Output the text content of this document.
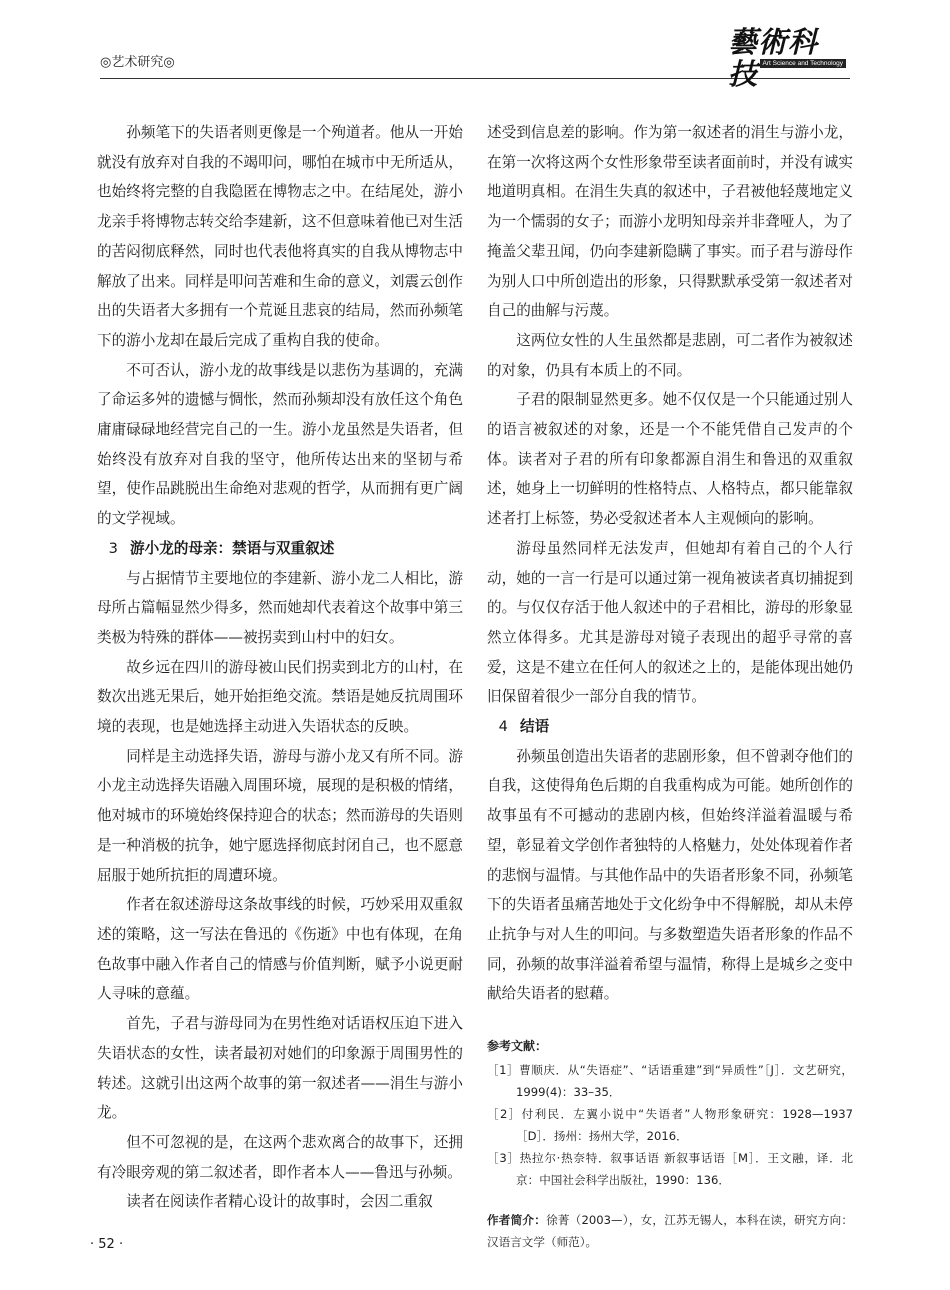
◎艺术研究◎
藝術科技 Art Science and Technology

孙频笔下的失语者则更像是一个殉道者。他从一开始就没有放弃对自我的不竭叩问，哪怕在城市中无所适从，也始终将完整的自我隐匿在博物志之中。在结尾处，游小龙亲手将博物志转交给李建新，这不但意味着他已对生活的苦闷彻底释然，同时也代表他将真实的自我从博物志中解放了出来。同样是叩问苦难和生命的意义，刘震云创作出的失语者大多拥有一个荒诞且悲哀的结局，然而孙频笔下的游小龙却在最后完成了重构自我的使命。

不可否认，游小龙的故事线是以悲伤为基调的，充满了命运多舛的遗憾与惆怅，然而孙频却没有放任这个角色庸庸碌碌地经营完自己的一生。游小龙虽然是失语者，但始终没有放弃对自我的坚守，他所传达出来的坚韧与希望，使作品跳脱出生命绝对悲观的哲学，从而拥有更广阔的文学视域。

3 游小龙的母亲：禁语与双重叙述

与占据情节主要地位的李建新、游小龙二人相比，游母所占篇幅显然少得多，然而她却代表着这个故事中第三类极为特殊的群体——被拐卖到山村中的妇女。

故乡远在四川的游母被山民们拐卖到北方的山村，在数次出逃无果后，她开始拒绝交流。禁语是她反抗周围环境的表现，也是她选择主动进入失语状态的反映。

同样是主动选择失语，游母与游小龙又有所不同。游小龙主动选择失语融入周围环境，展现的是积极的情绪，他对城市的环境始终保持迎合的状态；然而游母的失语则是一种消极的抗争，她宁愿选择彻底封闭自己，也不愿意屈服于她所抗拒的周遭环境。

作者在叙述游母这条故事线的时候，巧妙采用双重叙述的策略，这一写法在鲁迅的《伤逝》中也有体现，在角色故事中融入作者自己的情感与价值判断，赋予小说更耐人寻味的意蕴。

首先，子君与游母同为在男性绝对话语权压迫下进入失语状态的女性，读者最初对她们的印象源于周围男性的转述。这就引出这两个故事的第一叙述者——涓生与游小龙。

但不可忽视的是，在这两个悲欢离合的故事下，还拥有冷眼旁观的第二叙述者，即作者本人——鲁迅与孙频。

读者在阅读作者精心设计的故事时，会因二重叙

述受到信息差的影响。作为第一叙述者的涓生与游小龙，在第一次将这两个女性形象带至读者面前时，并没有诚实地道明真相。在涓生失真的叙述中，子君被他轻蔑地定义为一个懦弱的女子；而游小龙明知母亲并非聋哑人，为了掩盖父辈丑闻，仍向李建新隐瞒了事实。而子君与游母作为别人口中所创造出的形象，只得默默承受第一叙述者对自己的曲解与污蔑。

这两位女性的人生虽然都是悲剧，可二者作为被叙述的对象，仍具有本质上的不同。

子君的限制显然更多。她不仅仅是一个只能通过别人的语言被叙述的对象，还是一个不能凭借自己发声的个体。读者对子君的所有印象都源自涓生和鲁迅的双重叙述，她身上一切鲜明的性格特点、人格特点，都只能靠叙述者打上标签，势必受叙述者本人主观倾向的影响。

游母虽然同样无法发声，但她却有着自己的个人行动，她的一言一行是可以通过第一视角被读者真切捕捉到的。与仅仅存活于他人叙述中的子君相比，游母的形象显然立体得多。尤其是游母对镜子表现出的超乎寻常的喜爱，这是不建立在任何人的叙述之上的，是能体现出她仍旧保留着很少一部分自我的情节。

4 结语

孙频虽创造出失语者的悲剧形象，但不曾剥夺他们的自我，这使得角色后期的自我重构成为可能。她所创作的故事虽有不可撼动的悲剧内核，但始终洋溢着温暖与希望，彰显着文学创作者独特的人格魅力，处处体现着作者的悲悯与温情。与其他作品中的失语者形象不同，孙频笔下的失语者虽痛苦地处于文化纷争中不得解脱，却从未停止抗争与对人生的叩问。与多数塑造失语者形象的作品不同，孙频的故事洋溢着希望与温情，称得上是城乡之变中献给失语者的慰藉。

参考文献：
［1］曹顺庆．从“失语症”、“话语重建”到“异质性”［J］．文艺研究，1999(4)：33–35．
［2］付利民．左翼小说中“失语者”人物形象研究：1928—1937［D］．扬州：扬州大学，2016．
［3］热拉尔·热奈特．叙事话语 新叙事话语［M］．王文融，译．北京：中国社会科学出版社，1990：136．
作者简介：徐菁（2003—），女，江苏无锡人，本科在读，研究方向：汉语言文学（师范）。
· 52 ·
